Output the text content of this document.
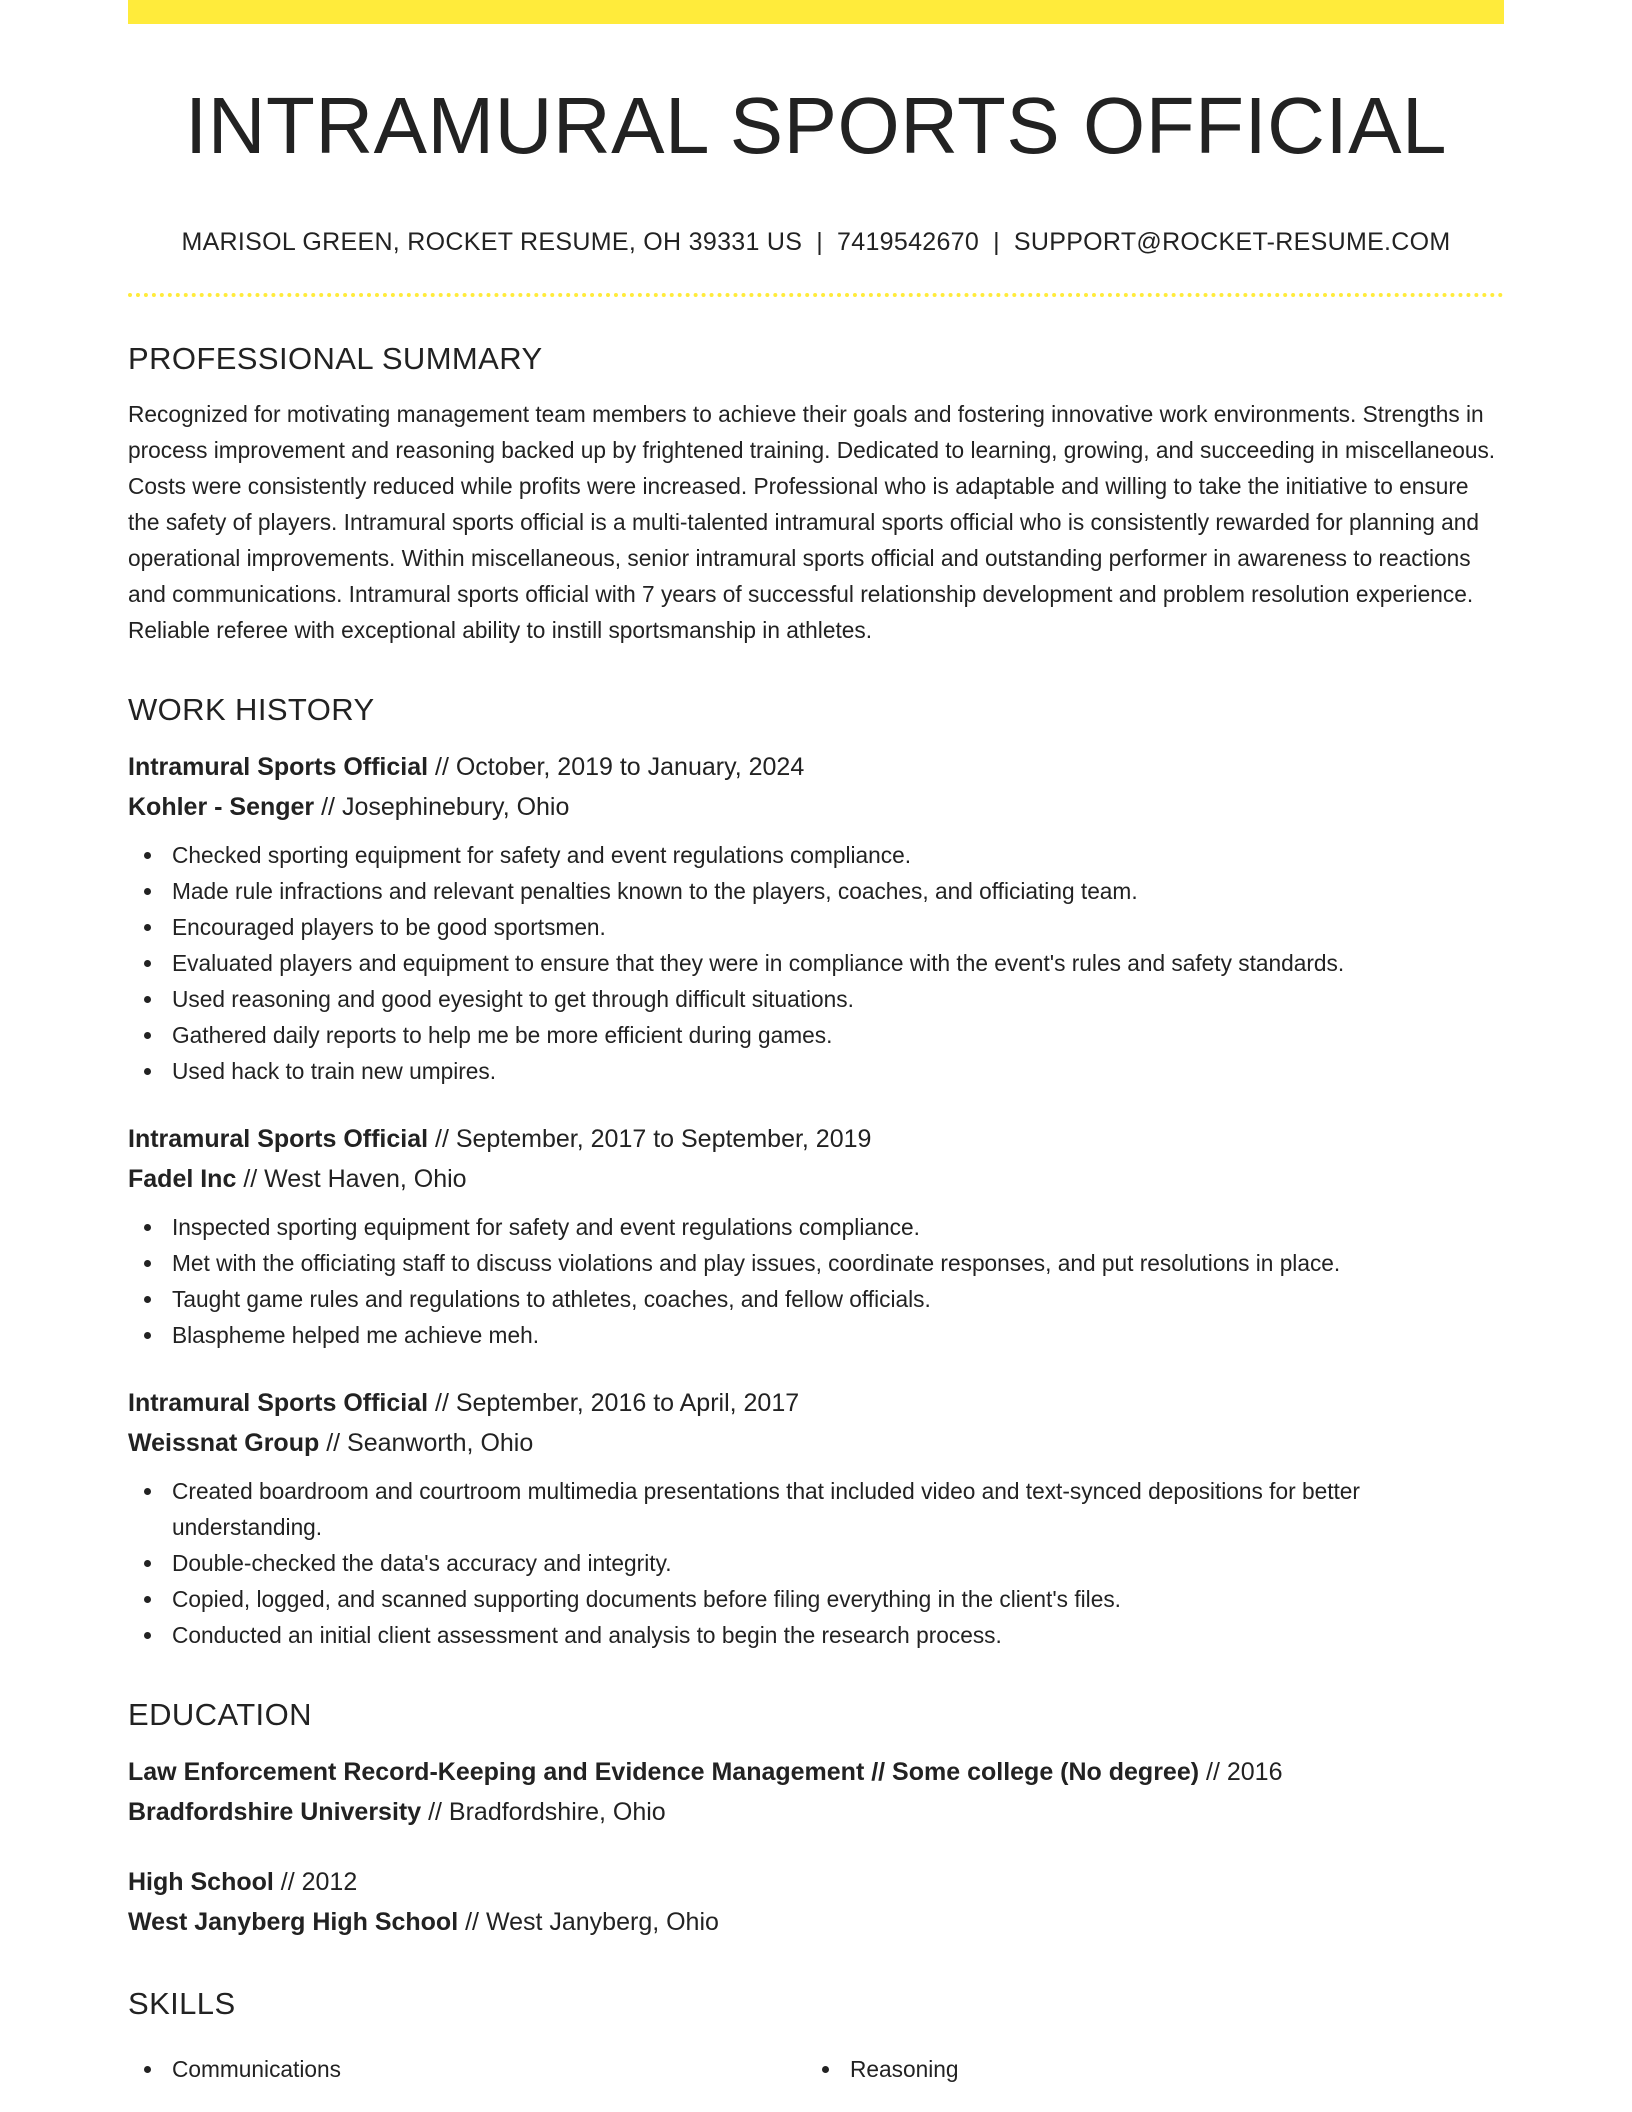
INTRAMURAL SPORTS OFFICIAL
MARISOL GREEN, ROCKET RESUME, OH 39331 US | 7419542670 | SUPPORT@ROCKET-RESUME.COM
PROFESSIONAL SUMMARY

Recognized for motivating management team members to achieve their goals and fostering innovative work environments. Strengths in process improvement and reasoning backed up by frightened training. Dedicated to learning, growing, and succeeding in miscellaneous. Costs were consistently reduced while profits were increased. Professional who is adaptable and willing to take the initiative to ensure the safety of players. Intramural sports official is a multi-talented intramural sports official who is consistently rewarded for planning and operational improvements. Within miscellaneous, senior intramural sports official and outstanding performer in awareness to reactions and communications. Intramural sports official with 7 years of successful relationship development and problem resolution experience. Reliable referee with exceptional ability to instill sportsmanship in athletes.

WORK HISTORY
Intramural Sports Official // October, 2019 to January, 2024
Kohler - Senger // Josephinebury, Ohio
Checked sporting equipment for safety and event regulations compliance.
Made rule infractions and relevant penalties known to the players, coaches, and officiating team.
Encouraged players to be good sportsmen.
Evaluated players and equipment to ensure that they were in compliance with the event's rules and safety standards.
Used reasoning and good eyesight to get through difficult situations.
Gathered daily reports to help me be more efficient during games.
Used hack to train new umpires.
Intramural Sports Official // September, 2017 to September, 2019
Fadel Inc // West Haven, Ohio
Inspected sporting equipment for safety and event regulations compliance.
Met with the officiating staff to discuss violations and play issues, coordinate responses, and put resolutions in place.
Taught game rules and regulations to athletes, coaches, and fellow officials.
Blaspheme helped me achieve meh.
Intramural Sports Official // September, 2016 to April, 2017
Weissnat Group // Seanworth, Ohio
Created boardroom and courtroom multimedia presentations that included video and text-synced depositions for better understanding.
Double-checked the data's accuracy and integrity.
Copied, logged, and scanned supporting documents before filing everything in the client's files.
Conducted an initial client assessment and analysis to begin the research process.
EDUCATION
Law Enforcement Record-Keeping and Evidence Management // Some college (No degree) // 2016
Bradfordshire University // Bradfordshire, Ohio
High School // 2012
West Janyberg High School // West Janyberg, Ohio
SKILLS
Communications	Reasoning
